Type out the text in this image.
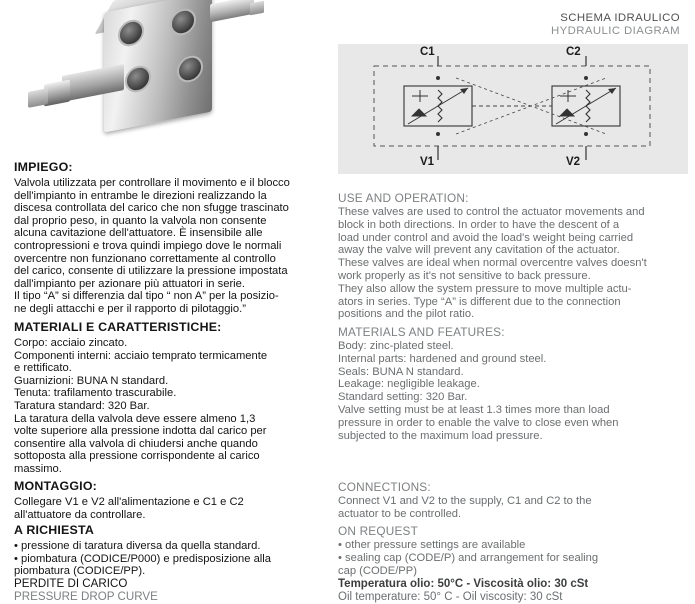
IMPIEGO:

Valvola utilizzata per controllare il movimento e il blocco

dell'impianto in entrambe le direzioni realizzando la

discesa controllata del carico che non sfugge trascinato

dal proprio peso, in quanto la valvola non consente

alcuna cavitazione dell'attuatore. È insensibile alle

contropressioni e trova quindi impiego dove le normali

overcentre non funzionano correttamente al controllo

del carico, consente di utilizzare la pressione impostata

dall'impianto per azionare più attuatori in serie.

Il tipo “A” si differenzia dal tipo “ non A” per la posizio-

ne degli attacchi e per il rapporto di pilotaggio.”

MATERIALI E CARATTERISTICHE:

Corpo: acciaio zincato.

Componenti interni: acciaio temprato termicamente

e rettificato.

Guarnizioni: BUNA N standard.

Tenuta: trafilamento trascurabile.

Taratura standard: 320 Bar.

La taratura della valvola deve essere almeno 1,3

volte superiore alla pressione indotta dal carico per

consentire alla valvola di chiudersi anche quando

sottoposta alla pressione corrispondente al carico

massimo.

MONTAGGIO:

Collegare V1 e V2 all'alimentazione e C1 e C2

all'attuatore da controllare.

A RICHIESTA

• pressione di taratura diversa da quella standard.

• piombatura (CODICE/P000) e predisposizione alla

piombatura (CODICE/PP).

PERDITE DI CARICO
PRESSURE DROP CURVE
SCHEMA IDRAULICO
HYDRAULIC DIAGRAM
C1	C2
V1	V2
USE AND OPERATION:
These valves are used to control the actuator movements and
block in both directions. In order to have the descent of a
load under control and avoid the load's weight being carried
away the valve will prevent any cavitation of the actuator.
These valves are ideal when normal overcentre valves doesn't
work properly as it's not sensitive to back pressure.
They also allow the system pressure to move multiple actu-
ators in series. Type “A” is different due to the connection
positions and the pilot ratio.
MATERIALS AND FEATURES:
Body: zinc-plated steel.
Internal parts: hardened and ground steel.
Seals: BUNA N standard.
Leakage: negligible leakage.
Standard setting: 320 Bar.
Valve setting must be at least 1.3 times more than load
pressure in order to enable the valve to close even when
subjected to the maximum load pressure.
CONNECTIONS:
Connect V1 and V2 to the supply, C1 and C2 to the
actuator to be controlled.
ON REQUEST
• other pressure settings are available
• sealing cap (CODE/P) and arrangement for sealing
cap (CODE/PP)
Temperatura olio: 50°C - Viscosità olio: 30 cSt
Oil temperature: 50° C - Oil viscosity: 30 cSt
